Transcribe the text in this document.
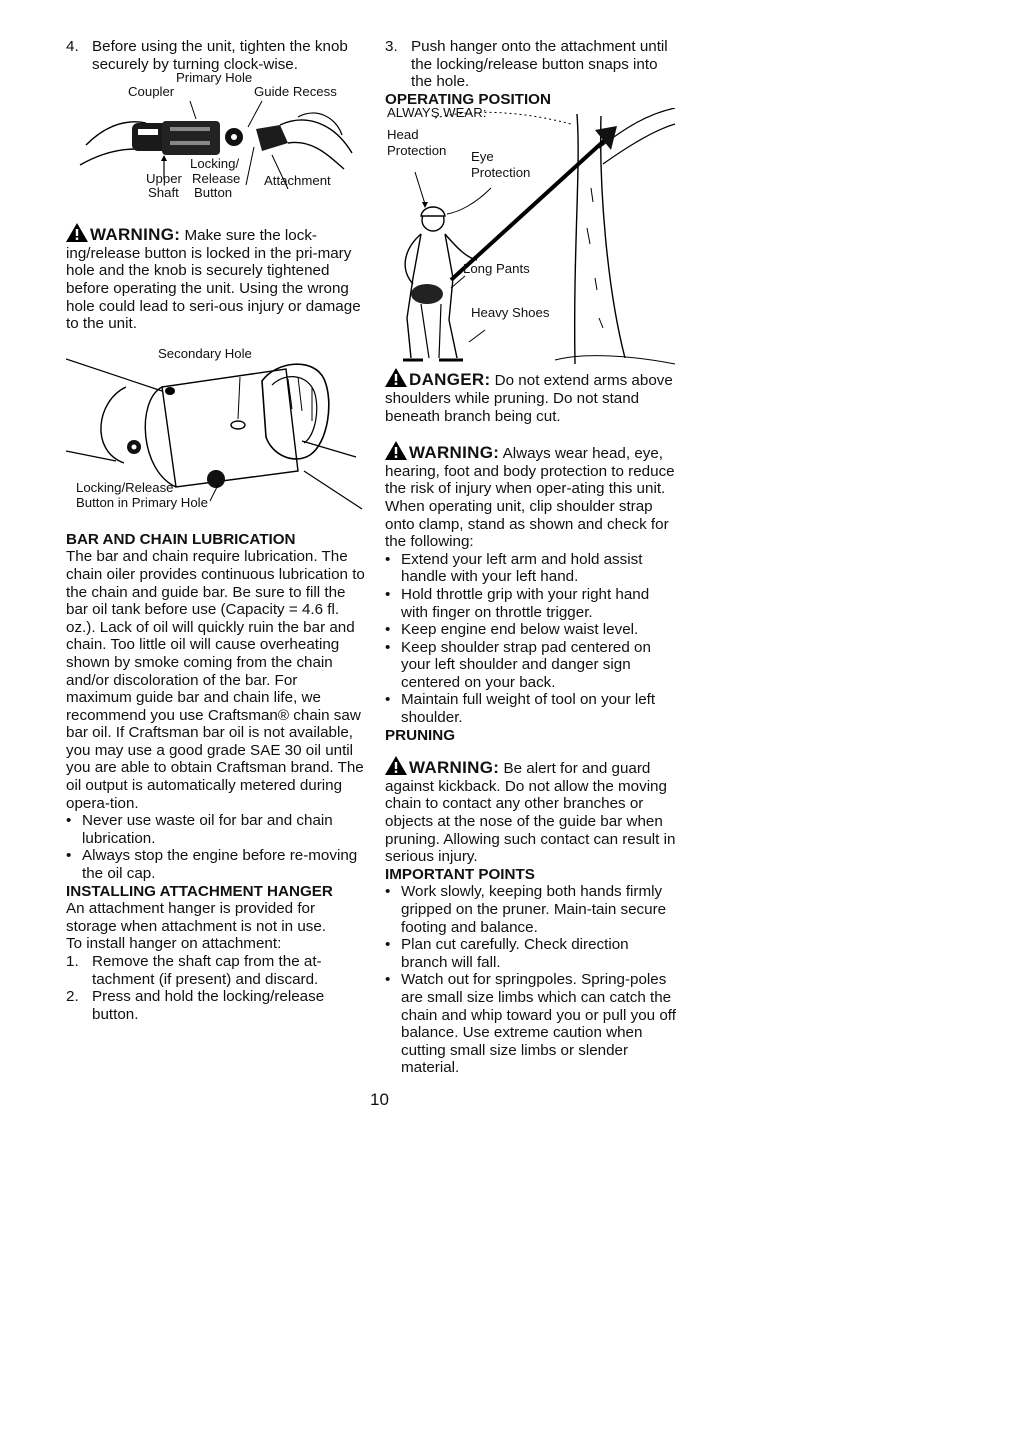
4. Before using the unit, tighten the knob securely by turning clock-wise.
Primary Hole
Coupler	Guide Recess
Locking/
Upper Release Attachment
Shaft Button

WARNING: Make sure the lock-ing/release button is locked in the pri-mary hole and the knob is securely tightened before operating the unit. Using the wrong hole could lead to seri-ous injury or damage to the unit.

Secondary Hole
Locking/Release
Button in Primary Hole

BAR AND CHAIN LUBRICATION

The bar and chain require lubrication. The chain oiler provides continuous lubrication to the chain and guide bar. Be sure to fill the bar oil tank before use (Capacity = 4.6 fl. oz.). Lack of oil will quickly ruin the bar and chain. Too little oil will cause overheating shown by smoke coming from the chain and/or discoloration of the bar. For maximum guide bar and chain life, we recommend you use Craftsman® chain saw bar oil. If Craftsman bar oil is not available, you may use a good grade SAE 30 oil until you are able to obtain Craftsman brand. The oil output is automatically metered during opera-tion.

• Never use waste oil for bar and chain lubrication.
• Always stop the engine before re-moving the oil cap.

INSTALLING ATTACHMENT HANGER

An attachment hanger is provided for storage when attachment is not in use.

To install hanger on attachment:

1. Remove the shaft cap from the at-tachment (if present) and discard.
2. Press and hold the locking/release button.
3. Push hanger onto the attachment until the locking/release button snaps into the hole.

OPERATING POSITION

ALWAYS WEAR:
Head
Protection Eye
Protection
Long Pants
Heavy Shoes

DANGER: Do not extend arms above shoulders while pruning. Do not stand beneath branch being cut.

WARNING: Always wear head, eye, hearing, foot and body protection to reduce the risk of injury when oper-ating this unit.

When operating unit, clip shoulder strap onto clamp, stand as shown and check for the following:

• Extend your left arm and hold assist handle with your left hand.
• Hold throttle grip with your right hand with finger on throttle trigger.
• Keep engine end below waist level.
• Keep shoulder strap pad centered on your left shoulder and danger sign centered on your back.
• Maintain full weight of tool on your left shoulder.

PRUNING

WARNING: Be alert for and guard against kickback. Do not allow the moving chain to contact any other branches or objects at the nose of the guide bar when pruning. Allowing such contact can result in serious injury.

IMPORTANT POINTS

• Work slowly, keeping both hands firmly gripped on the pruner. Main-tain secure footing and balance.
• Plan cut carefully. Check direction branch will fall.
• Watch out for springpoles. Spring-poles are small size limbs which can catch the chain and whip toward you or pull you off balance. Use extreme caution when cutting small size limbs or slender material.
10
